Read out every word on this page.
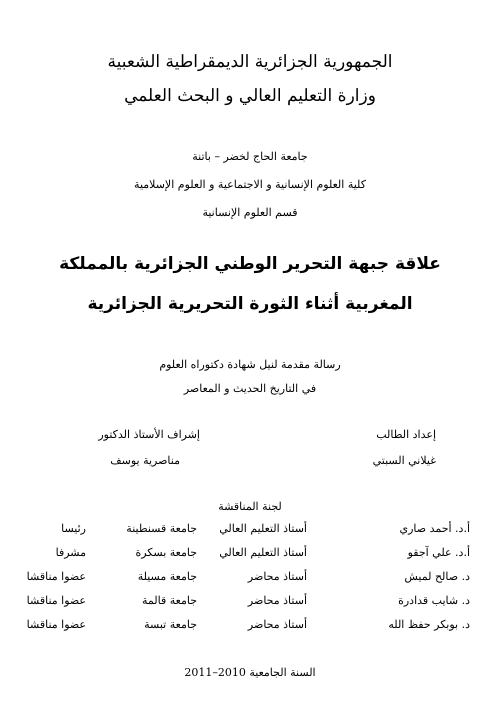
الجمهورية الجزائرية الديمقراطية الشعبية
وزارة التعليم العالي و البحث العلمي
جامعة الحاج لخضر – باتنة
كلية العلوم الإنسانية و الاجتماعية و العلوم الإسلامية
قسم العلوم الإنسانية
علاقة جبهة التحرير الوطني الجزائرية بالمملكة
المغربية أثناء الثورة التحريرية الجزائرية
رسالة مقدمة لنيل شهادة دكتوراه العلوم
في التاريخ الحديث و المعاصر
إعداد الطالب
غيلاني السبتي
إشراف الأستاذ الدكتور
مناصرية يوسف
لجنة المناقشة
أ.د. أحمد صاري
أستاذ التعليم العالي
جامعة قسنطينة
رئيسا
أ.د. علي آجقو
أستاذ التعليم العالي
جامعة بسكرة
مشرفا
د. صالح لميش
أستاذ محاضر
جامعة مسيلة
عضوا مناقشا
د. شايب قدادرة
أستاذ محاضر
جامعة قالمة
عضوا مناقشا
د. بوبكر حفظ الله
أستاذ محاضر
جامعة تبسة
عضوا مناقشا
السنة الجامعية 2010–2011
